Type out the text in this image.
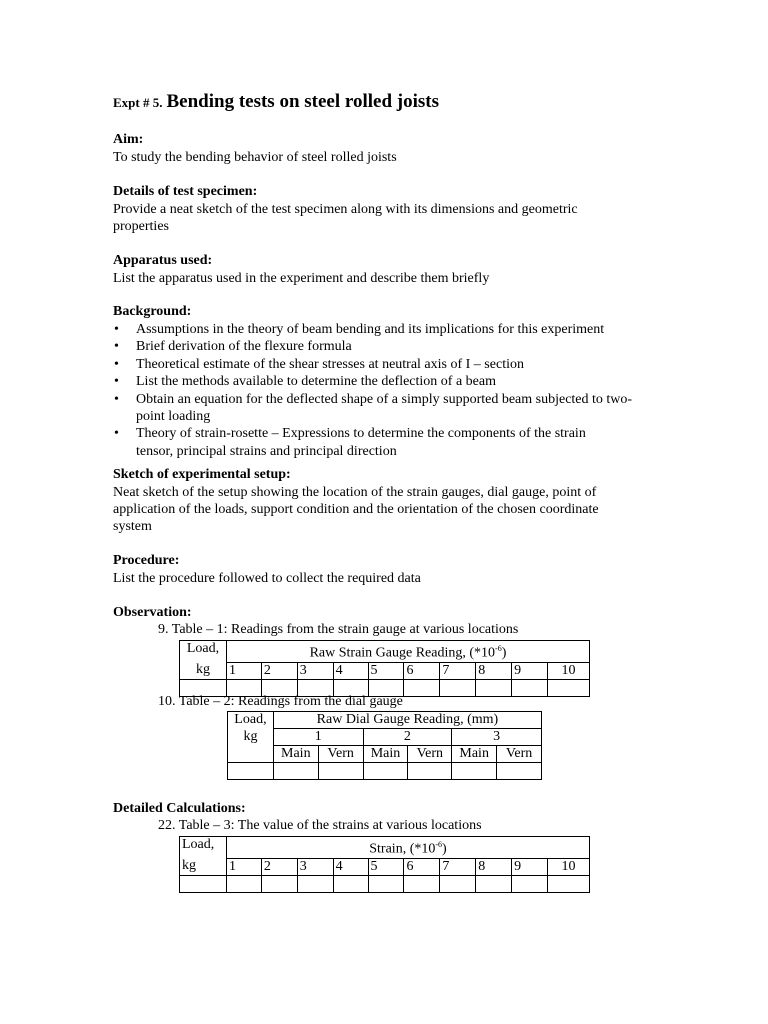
Expt # 5. Bending tests on steel rolled joists
Aim:
To study the bending behavior of steel rolled joists
Details of test specimen:
Provide a neat sketch of the test specimen along with its dimensions and geometric properties
Apparatus used:
List the apparatus used in the experiment and describe them briefly
Background:
• Assumptions in the theory of beam bending and its implications for this experiment
• Brief derivation of the flexure formula
• Theoretical estimate of the shear stresses at neutral axis of I – section
• List the methods available to determine the deflection of a beam
• Obtain an equation for the deflected shape of a simply supported beam subjected to two-point loading
• Theory of strain-rosette – Expressions to determine the components of the strain tensor, principal strains and principal direction
Sketch of experimental setup:
Neat sketch of the setup showing the location of the strain gauges, dial gauge, point of application of the loads, support condition and the orientation of the chosen coordinate system
Procedure:
List the procedure followed to collect the required data
Observation:
9. Table – 1: Readings from the strain gauge at various locations
Load,	Raw Strain Gauge Reading, $(*10^{-6})$									
kg	1	2	3	4	5	6	7	8	9	10

10. Table – 2: Readings from the dial gauge
Load,	Raw Dial Gauge Reading, (mm)					
kg	1		2		3	
	Main	Vern	Main	Vern	Main	Vern

Detailed Calculations:
22. Table – 3: The value of the strains at various locations
Load,	Strain, $(*10^{-6})$									
kg	1	2	3	4	5	6	7	8	9	10
